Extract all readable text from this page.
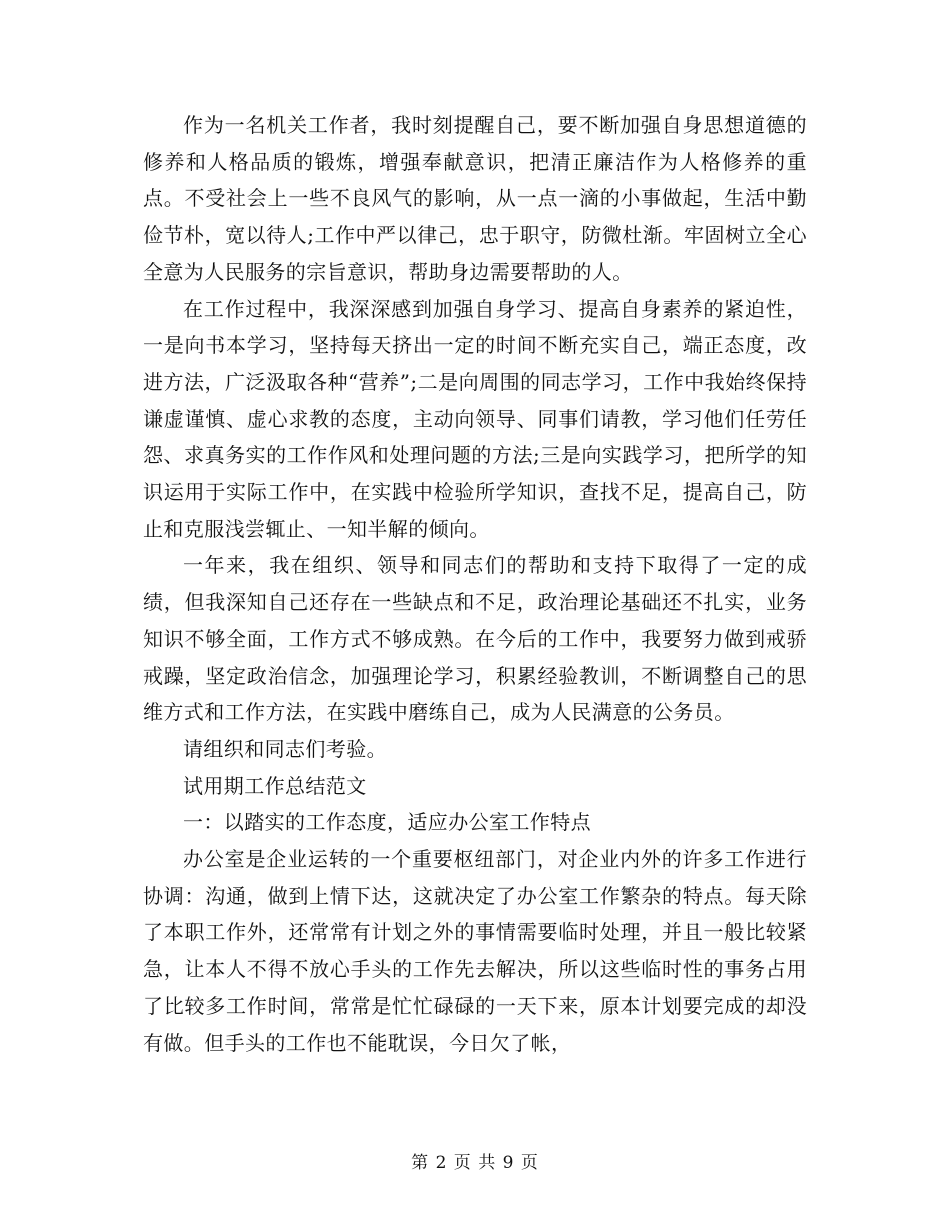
作为一名机关工作者，我时刻提醒自己，要不断加强自身思想道德的修养和人格品质的锻炼，增强奉献意识，把清正廉洁作为人格修养的重点。不受社会上一些不良风气的影响，从一点一滴的小事做起，生活中勤俭节朴，宽以待人;工作中严以律己，忠于职守，防微杜渐。牢固树立全心全意为人民服务的宗旨意识，帮助身边需要帮助的人。

在工作过程中，我深深感到加强自身学习、提高自身素养的紧迫性，一是向书本学习，坚持每天挤出一定的时间不断充实自己，端正态度，改进方法，广泛汲取各种“营养”;二是向周围的同志学习，工作中我始终保持谦虚谨慎、虚心求教的态度，主动向领导、同事们请教，学习他们任劳任怨、求真务实的工作作风和处理问题的方法;三是向实践学习，把所学的知识运用于实际工作中，在实践中检验所学知识，查找不足，提高自己，防止和克服浅尝辄止、一知半解的倾向。

一年来，我在组织、领导和同志们的帮助和支持下取得了一定的成绩，但我深知自己还存在一些缺点和不足，政治理论基础还不扎实，业务知识不够全面，工作方式不够成熟。在今后的工作中，我要努力做到戒骄戒躁，坚定政治信念，加强理论学习，积累经验教训，不断调整自己的思维方式和工作方法，在实践中磨练自己，成为人民满意的公务员。

请组织和同志们考验。

试用期工作总结范文

一：以踏实的工作态度，适应办公室工作特点

办公室是企业运转的一个重要枢纽部门，对企业内外的许多工作进行协调：沟通，做到上情下达，这就决定了办公室工作繁杂的特点。每天除了本职工作外，还常常有计划之外的事情需要临时处理，并且一般比较紧急，让本人不得不放心手头的工作先去解决，所以这些临时性的事务占用了比较多工作时间，常常是忙忙碌碌的一天下来，原本计划要完成的却没有做。但手头的工作也不能耽误，今日欠了帐，

第 2 页 共 9 页
